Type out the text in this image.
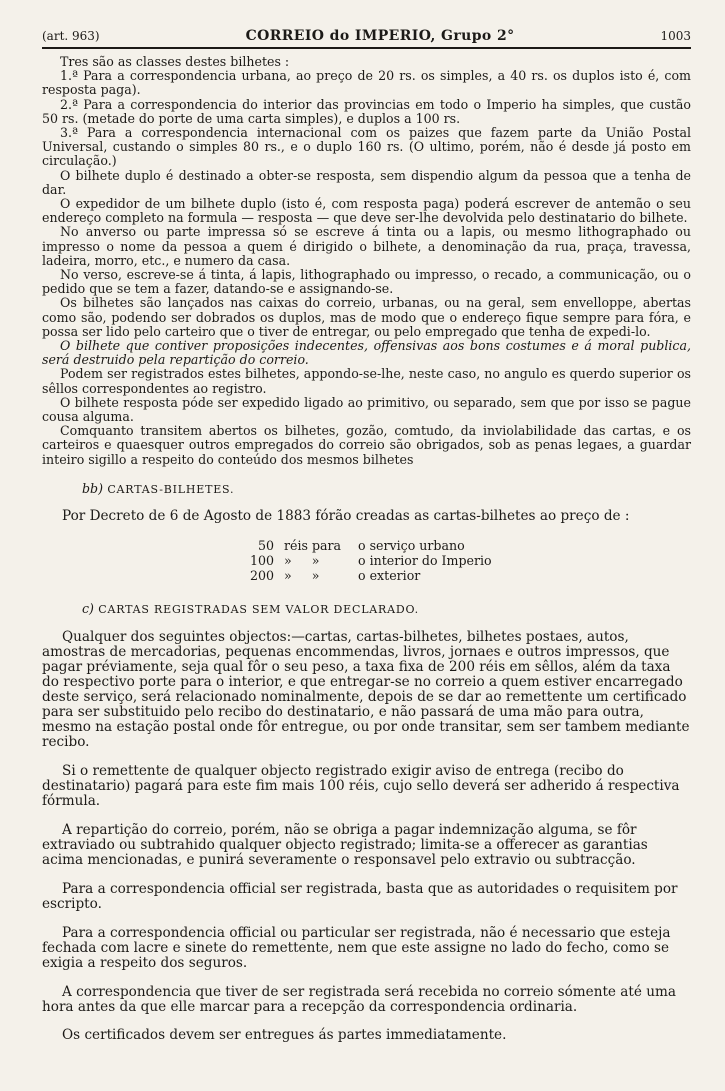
(art. 963)	CORREIO do IMPERIO, Grupo 2°	1003

Tres são as classes destes bilhetes :

1.ª Para a correspondencia urbana, ao preço de 20 rs. os simples, a 40 rs. os duplos isto é, com resposta paga).

2.ª Para a correspondencia do interior das provincias em todo o Imperio ha simples, que custão 50 rs. (metade do porte de uma carta simples), e duplos a 100 rs.

3.ª Para a correspondencia internacional com os paizes que fazem parte da União Postal Universal, custando o simples 80 rs., e o duplo 160 rs. (O ultimo, porém, não é desde já posto em circulação.)

O bilhete duplo é destinado a obter-se resposta, sem dispendio algum da pessoa que a tenha de dar.

O expedidor de um bilhete duplo (isto é, com resposta paga) poderá escrever de antemão o seu endereço completo na formula — resposta — que deve ser-lhe devolvida pelo destinatario do bilhete.

No anverso ou parte impressa só se escreve á tinta ou a lapis, ou mesmo lithographado ou impresso o nome da pessoa a quem é dirigido o bilhete, a denominação da rua, praça, travessa, ladeira, morro, etc., e numero da casa.

No verso, escreve-se á tinta, á lapis, lithographado ou impresso, o recado, a communicação, ou o pedido que se tem a fazer, datando-se e assignando-se.

Os bilhetes são lançados nas caixas do correio, urbanas, ou na geral, sem envelloppe, abertas como são, podendo ser dobrados os duplos, mas de modo que o endereço fique sempre para fóra, e possa ser lido pelo carteiro que o tiver de entregar, ou pelo empregado que tenha de expedi-lo.

O bilhete que contiver proposições indecentes, offensivas aos bons costumes e á moral publica, será destruido pela repartição do correio.

Podem ser registrados estes bilhetes, appondo-se-lhe, neste caso, no angulo es querdo superior os sêllos correspondentes ao registro.

O bilhete resposta póde ser expedido ligado ao primitivo, ou separado, sem que por isso se pague cousa alguma.

Comquanto transitem abertos os bilhetes, gozão, comtudo, da inviolabilidade das cartas, e os carteiros e quaesquer outros empregados do correio são obrigados, sob as penas legaes, a guardar inteiro sigillo a respeito do conteúdo dos mesmos bilhetes

bb) CARTAS-BILHETES.

Por Decreto de 6 de Agosto de 1883 fórão creadas as cartas-bilhetes ao preço de :

50 réis para	o serviço urbano
100 »     »	o interior do Imperio
200 »     »	o exterior
c) CARTAS REGISTRADAS SEM VALOR DECLARADO.

Qualquer dos seguintes objectos:—cartas, cartas-bilhetes, bilhetes postaes, autos, amostras de mercadorias, pequenas encommendas, livros, jornaes e outros impressos, que pagar préviamente, seja qual fôr o seu peso, a taxa fixa de 200 réis em sêllos, além da taxa do respectivo porte para o interior, e que entregar-se no correio a quem estiver encarregado deste serviço, será relacionado nominalmente, depois de se dar ao remettente um certificado para ser substituido pelo recibo do destinatario, e não passará de uma mão para outra, mesmo na estação postal onde fôr entregue, ou por onde transitar, sem ser tambem mediante recibo.

Si o remettente de qualquer objecto registrado exigir aviso de entrega (recibo do destinatario) pagará para este fim mais 100 réis, cujo sello deverá ser adherido á respectiva fórmula.

A repartição do correio, porém, não se obriga a pagar indemnização alguma, se fôr extraviado ou subtrahido qualquer objecto registrado; limita-se a offerecer as garantias acima mencionadas, e punirá severamente o responsavel pelo extravio ou subtracção.

Para a correspondencia official ser registrada, basta que as autoridades o requisitem por escripto.

Para a correspondencia official ou particular ser registrada, não é necessario que esteja fechada com lacre e sinete do remettente, nem que este assigne no lado do fecho, como se exigia a respeito dos seguros.

A correspondencia que tiver de ser registrada será recebida no correio sómente até uma hora antes da que elle marcar para a recepção da correspondencia ordinaria.

Os certificados devem ser entregues ás partes immediatamente.
